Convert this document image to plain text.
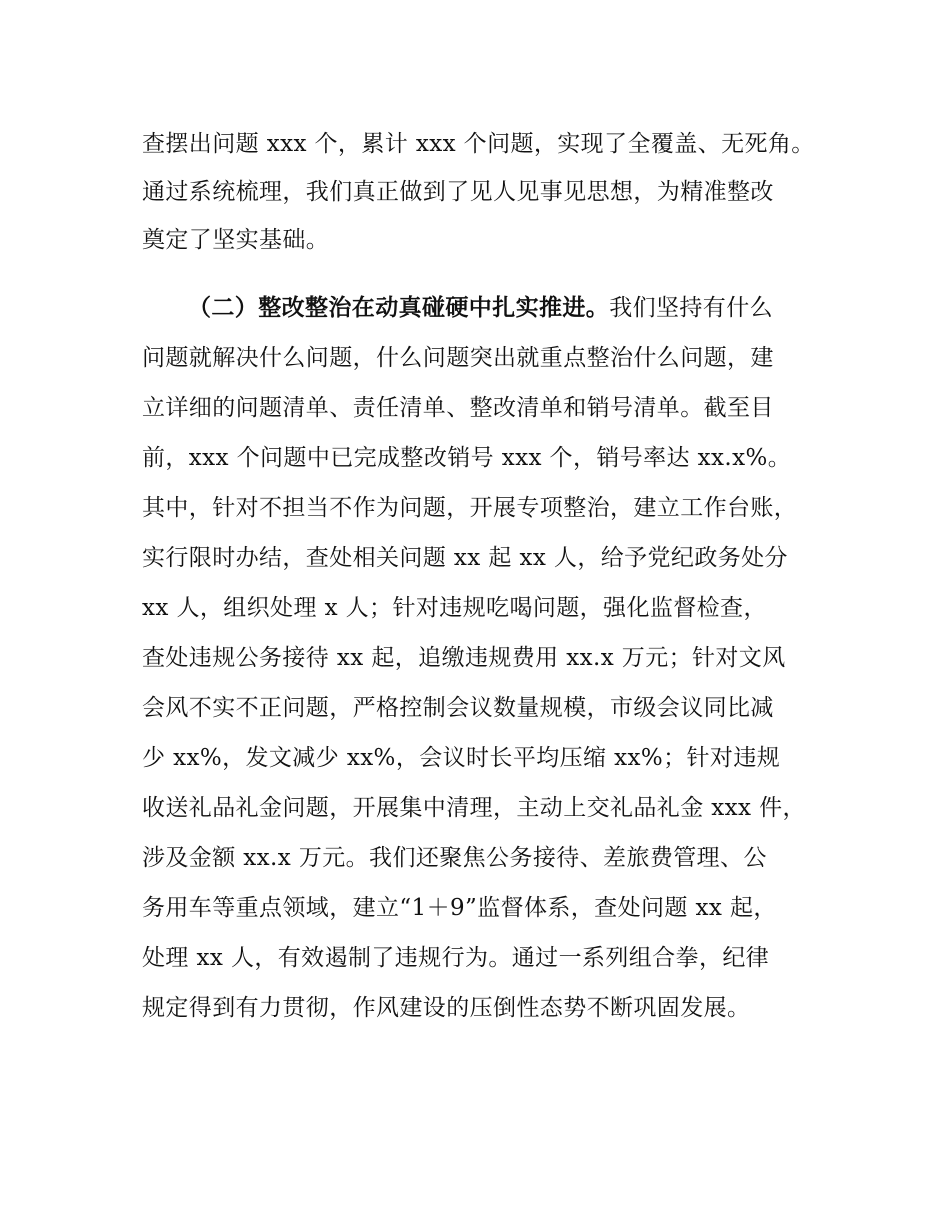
查摆出问题 xxx 个，累计 xxx 个问题，实现了全覆盖、无死角。
通过系统梳理，我们真正做到了见人见事见思想，为精准整改
奠定了坚实基础。
（二）整改整治在动真碰硬中扎实推进。我们坚持有什么
问题就解决什么问题，什么问题突出就重点整治什么问题，建
立详细的问题清单、责任清单、整改清单和销号清单。截至目
前，xxx 个问题中已完成整改销号 xxx 个，销号率达 xx.x%。
其中，针对不担当不作为问题，开展专项整治，建立工作台账，
实行限时办结，查处相关问题 xx 起 xx 人，给予党纪政务处分
xx 人，组织处理 x 人；针对违规吃喝问题，强化监督检查，
查处违规公务接待 xx 起，追缴违规费用 xx.x 万元；针对文风
会风不实不正问题，严格控制会议数量规模，市级会议同比减
少 xx%，发文减少 xx%，会议时长平均压缩 xx%；针对违规
收送礼品礼金问题，开展集中清理，主动上交礼品礼金 xxx 件，
涉及金额 xx.x 万元。我们还聚焦公务接待、差旅费管理、公
务用车等重点领域，建立“1＋9”监督体系，查处问题 xx 起，
处理 xx 人，有效遏制了违规行为。通过一系列组合拳，纪律
规定得到有力贯彻，作风建设的压倒性态势不断巩固发展。
